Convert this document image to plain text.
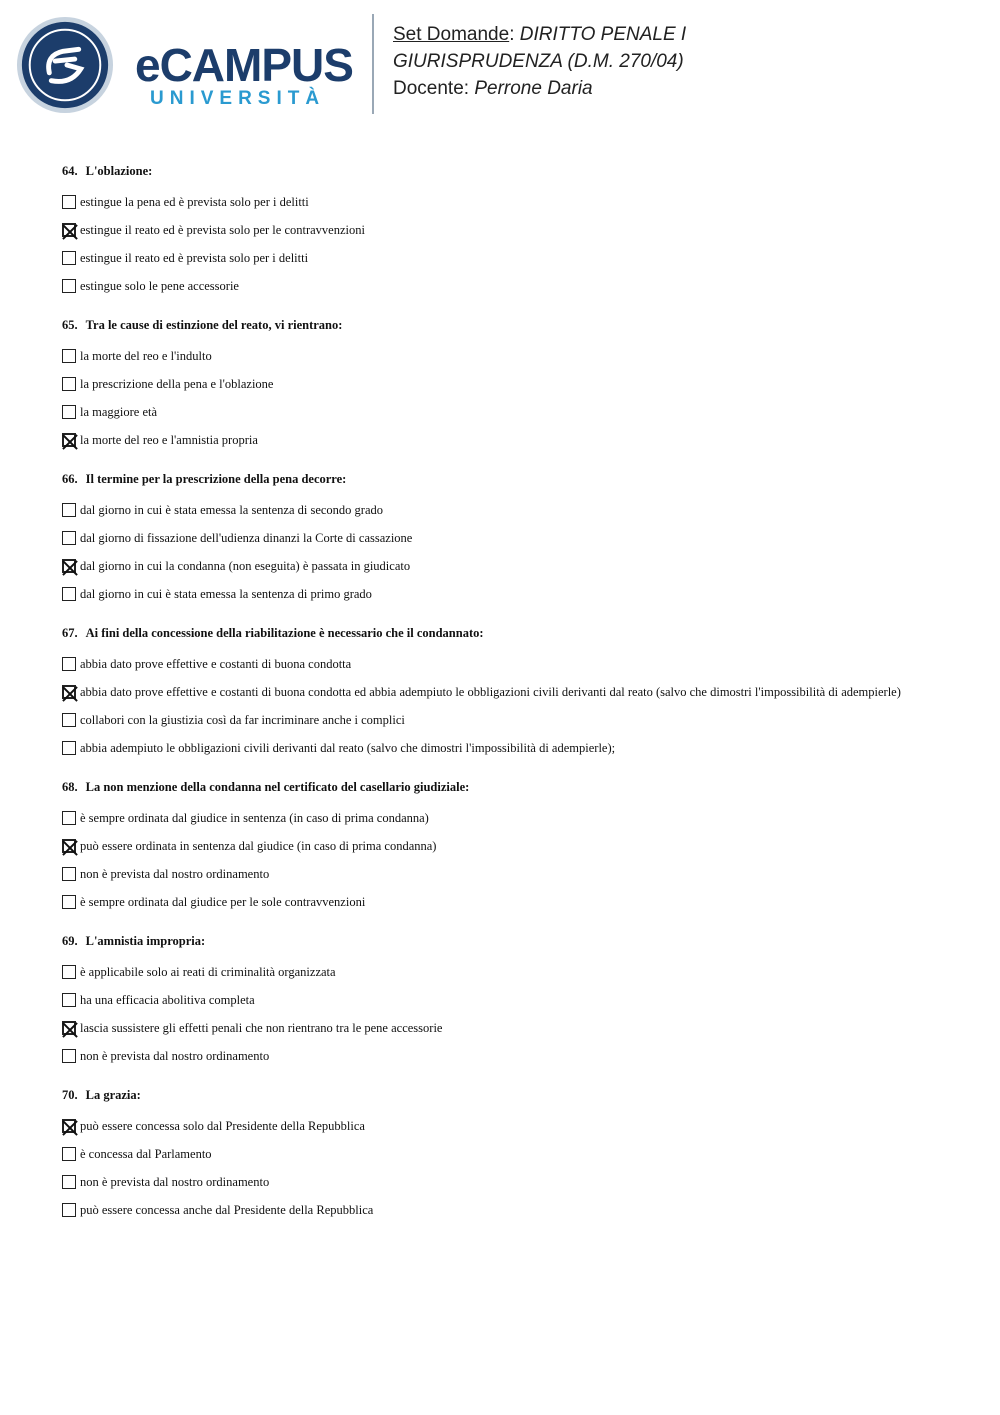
eCAMPUS
UNIVERSITÀ
Set Domande: DIRITTO PENALE I
GIURISPRUDENZA (D.M. 270/04)
Docente: Perrone Daria
64. L'oblazione:
estingue la pena ed è prevista solo per i delitti
estingue il reato ed è prevista solo per le contravvenzioni
estingue il reato ed è prevista solo per i delitti
estingue solo le pene accessorie
65. Tra le cause di estinzione del reato, vi rientrano:
la morte del reo e l'indulto
la prescrizione della pena e l'oblazione
la maggiore età
la morte del reo e l'amnistia propria
66. Il termine per la prescrizione della pena decorre:
dal giorno in cui è stata emessa la sentenza di secondo grado
dal giorno di fissazione dell'udienza dinanzi la Corte di cassazione
dal giorno in cui la condanna (non eseguita) è passata in giudicato
dal giorno in cui è stata emessa la sentenza di primo grado
67. Ai fini della concessione della riabilitazione è necessario che il condannato:
abbia dato prove effettive e costanti di buona condotta
abbia dato prove effettive e costanti di buona condotta ed abbia adempiuto le obbligazioni civili derivanti dal reato (salvo che dimostri l'impossibilità di adempierle)
collabori con la giustizia così da far incriminare anche i complici
abbia adempiuto le obbligazioni civili derivanti dal reato (salvo che dimostri l'impossibilità di adempierle);
68. La non menzione della condanna nel certificato del casellario giudiziale:
è sempre ordinata dal giudice in sentenza (in caso di prima condanna)
può essere ordinata in sentenza dal giudice (in caso di prima condanna)
non è prevista dal nostro ordinamento
è sempre ordinata dal giudice per le sole contravvenzioni
69. L'amnistia impropria:
è applicabile solo ai reati di criminalità organizzata
ha una efficacia abolitiva completa
lascia sussistere gli effetti penali che non rientrano tra le pene accessorie
non è prevista dal nostro ordinamento
70. La grazia:
può essere concessa solo dal Presidente della Repubblica
è concessa dal Parlamento
non è prevista dal nostro ordinamento
può essere concessa anche dal Presidente della Repubblica
